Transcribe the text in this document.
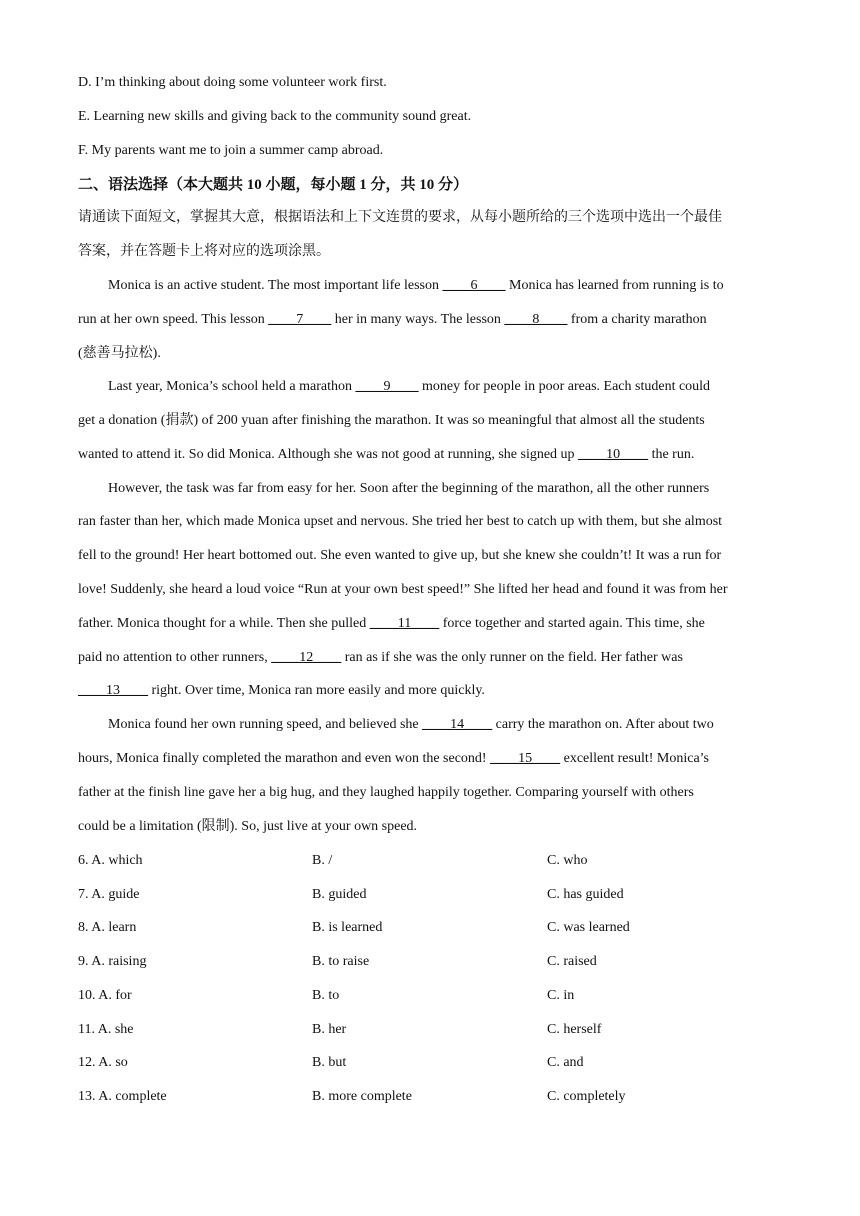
D. I’m thinking about doing some volunteer work first.
E. Learning new skills and giving back to the community sound great.
F. My parents want me to join a summer camp abroad.
二、语法选择（本大题共 10 小题，每小题 1 分，共 10 分）
请通读下面短文，掌握其大意，根据语法和上下文连贯的要求，从每小题所给的三个选项中选出一个最佳
答案，并在答题卡上将对应的选项涂黑。
Monica is an active student. The most important life lesson ____6____ Monica has learned from running is to
run at her own speed. This lesson ____7____ her in many ways. The lesson ____8____ from a charity marathon
(慈善马拉松).
Last year, Monica’s school held a marathon ____9____ money for people in poor areas. Each student could
get a donation (捐款) of 200 yuan after finishing the marathon. It was so meaningful that almost all the students
wanted to attend it. So did Monica. Although she was not good at running, she signed up ____10____ the run.
However, the task was far from easy for her. Soon after the beginning of the marathon, all the other runners
ran faster than her, which made Monica upset and nervous. She tried her best to catch up with them, but she almost
fell to the ground! Her heart bottomed out. She even wanted to give up, but she knew she couldn’t! It was a run for
love! Suddenly, she heard a loud voice “Run at your own best speed!” She lifted her head and found it was from her
father. Monica thought for a while. Then she pulled ____11____ force together and started again. This time, she
paid no attention to other runners, ____12____ ran as if she was the only runner on the field. Her father was
____13____ right. Over time, Monica ran more easily and more quickly.
Monica found her own running speed, and believed she ____14____ carry the marathon on. After about two
hours, Monica finally completed the marathon and even won the second! ____15____ excellent result! Monica’s
father at the finish line gave her a big hug, and they laughed happily together. Comparing yourself with others
could be a limitation (限制). So, just live at your own speed.
6. A. which	B. /	C. who
7. A. guide	B. guided	C. has guided
8. A. learn	B. is learned	C. was learned
9. A. raising	B. to raise	C. raised
10. A. for	B. to	C. in
11. A. she	B. her	C. herself
12. A. so	B. but	C. and
13. A. complete	B. more complete	C. completely
